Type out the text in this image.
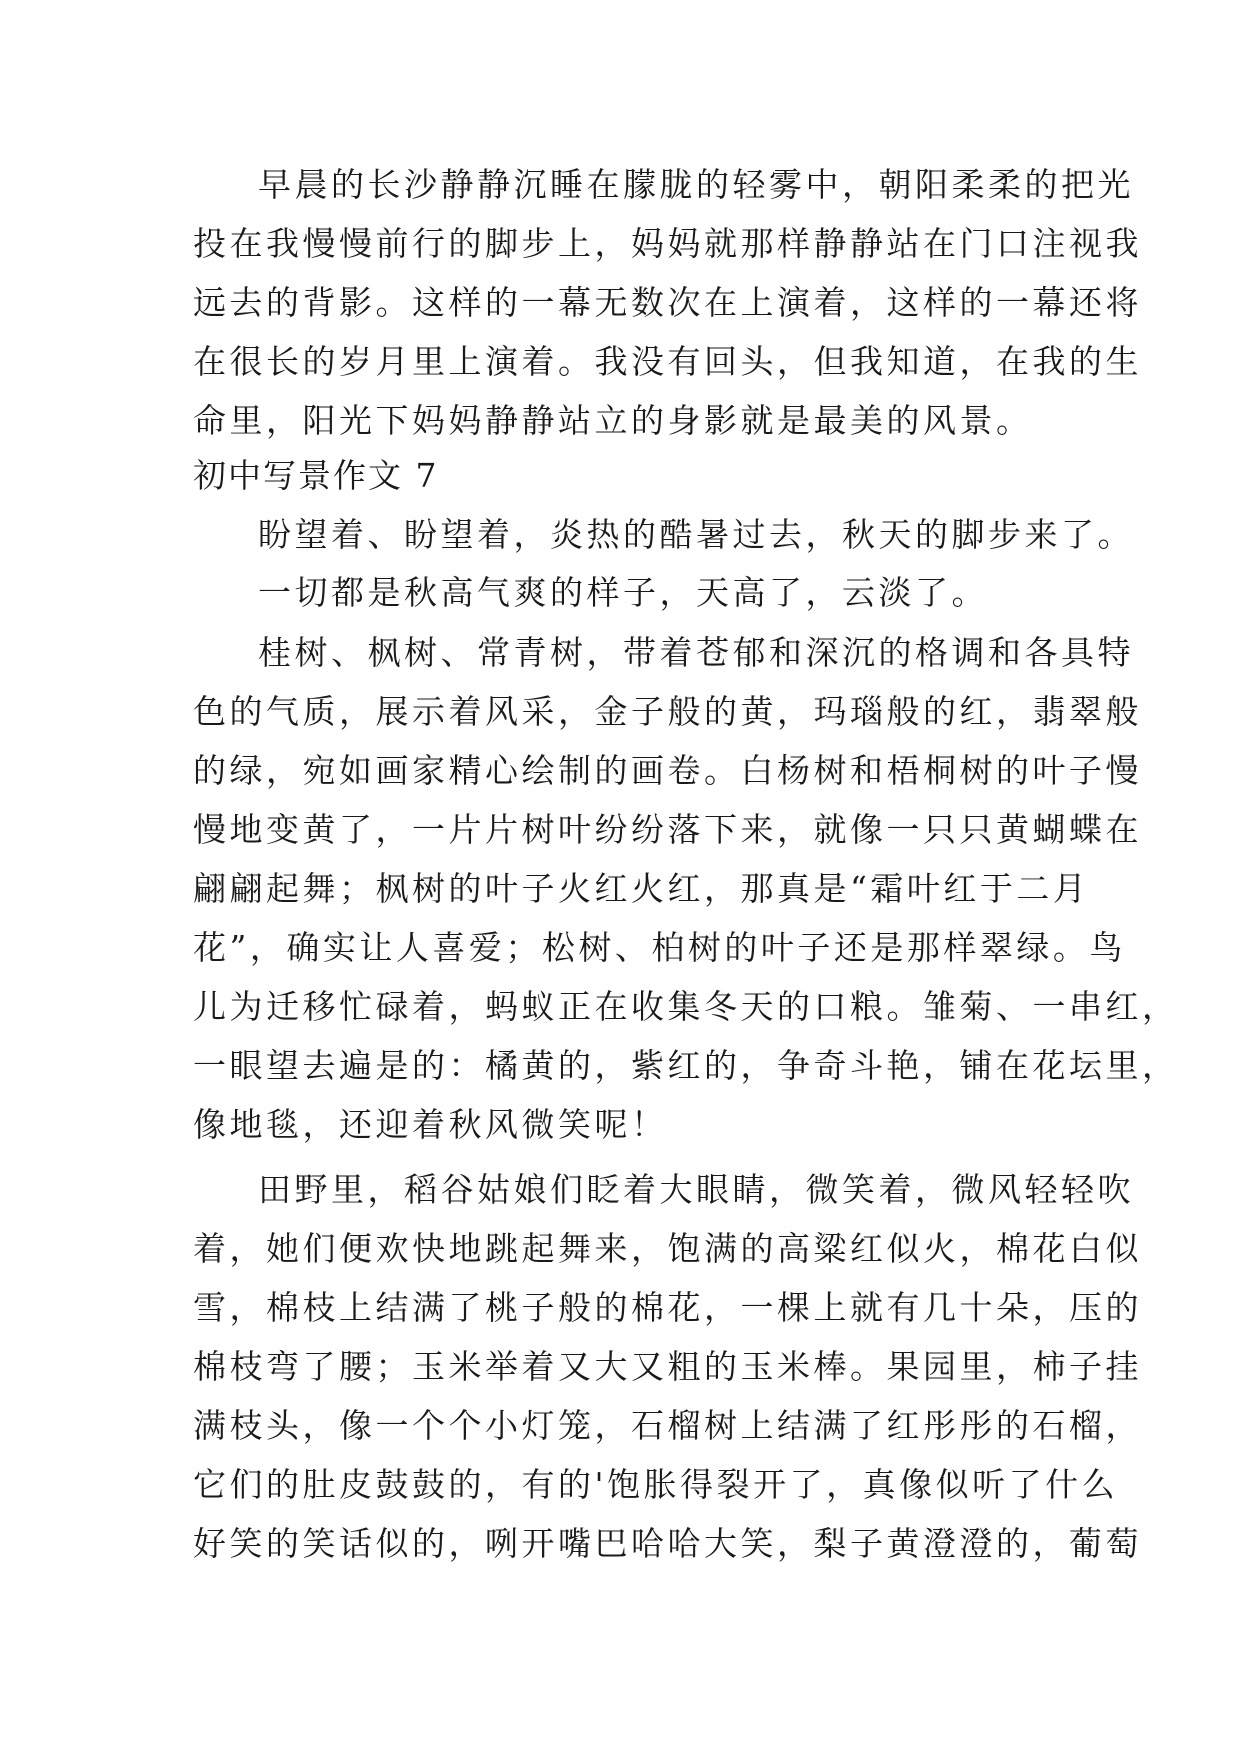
早晨的长沙静静沉睡在朦胧的轻雾中，朝阳柔柔的把光
投在我慢慢前行的脚步上，妈妈就那样静静站在门口注视我
远去的背影。这样的一幕无数次在上演着，这样的一幕还将
在很长的岁月里上演着。我没有回头，但我知道，在我的生
命里，阳光下妈妈静静站立的身影就是最美的风景。
初中写景作文 7
盼望着、盼望着，炎热的酷暑过去，秋天的脚步来了。
一切都是秋高气爽的样子，天高了，云淡了。
桂树、枫树、常青树，带着苍郁和深沉的格调和各具特
色的气质，展示着风采，金子般的黄，玛瑙般的红，翡翠般
的绿，宛如画家精心绘制的画卷。白杨树和梧桐树的叶子慢
慢地变黄了，一片片树叶纷纷落下来，就像一只只黄蝴蝶在
翩翩起舞；枫树的叶子火红火红，那真是“霜叶红于二月
花”，确实让人喜爱；松树、柏树的叶子还是那样翠绿。鸟
儿为迁移忙碌着，蚂蚁正在收集冬天的口粮。雏菊、一串红，
一眼望去遍是的：橘黄的，紫红的，争奇斗艳，铺在花坛里，
像地毯，还迎着秋风微笑呢！
田野里，稻谷姑娘们眨着大眼睛，微笑着，微风轻轻吹
着，她们便欢快地跳起舞来，饱满的高粱红似火，棉花白似
雪，棉枝上结满了桃子般的棉花，一棵上就有几十朵，压的
棉枝弯了腰；玉米举着又大又粗的玉米棒。果园里，柿子挂
满枝头，像一个个小灯笼，石榴树上结满了红彤彤的石榴，
它们的肚皮鼓鼓的，有的'饱胀得裂开了，真像似听了什么
好笑的笑话似的，咧开嘴巴哈哈大笑，梨子黄澄澄的，葡萄
